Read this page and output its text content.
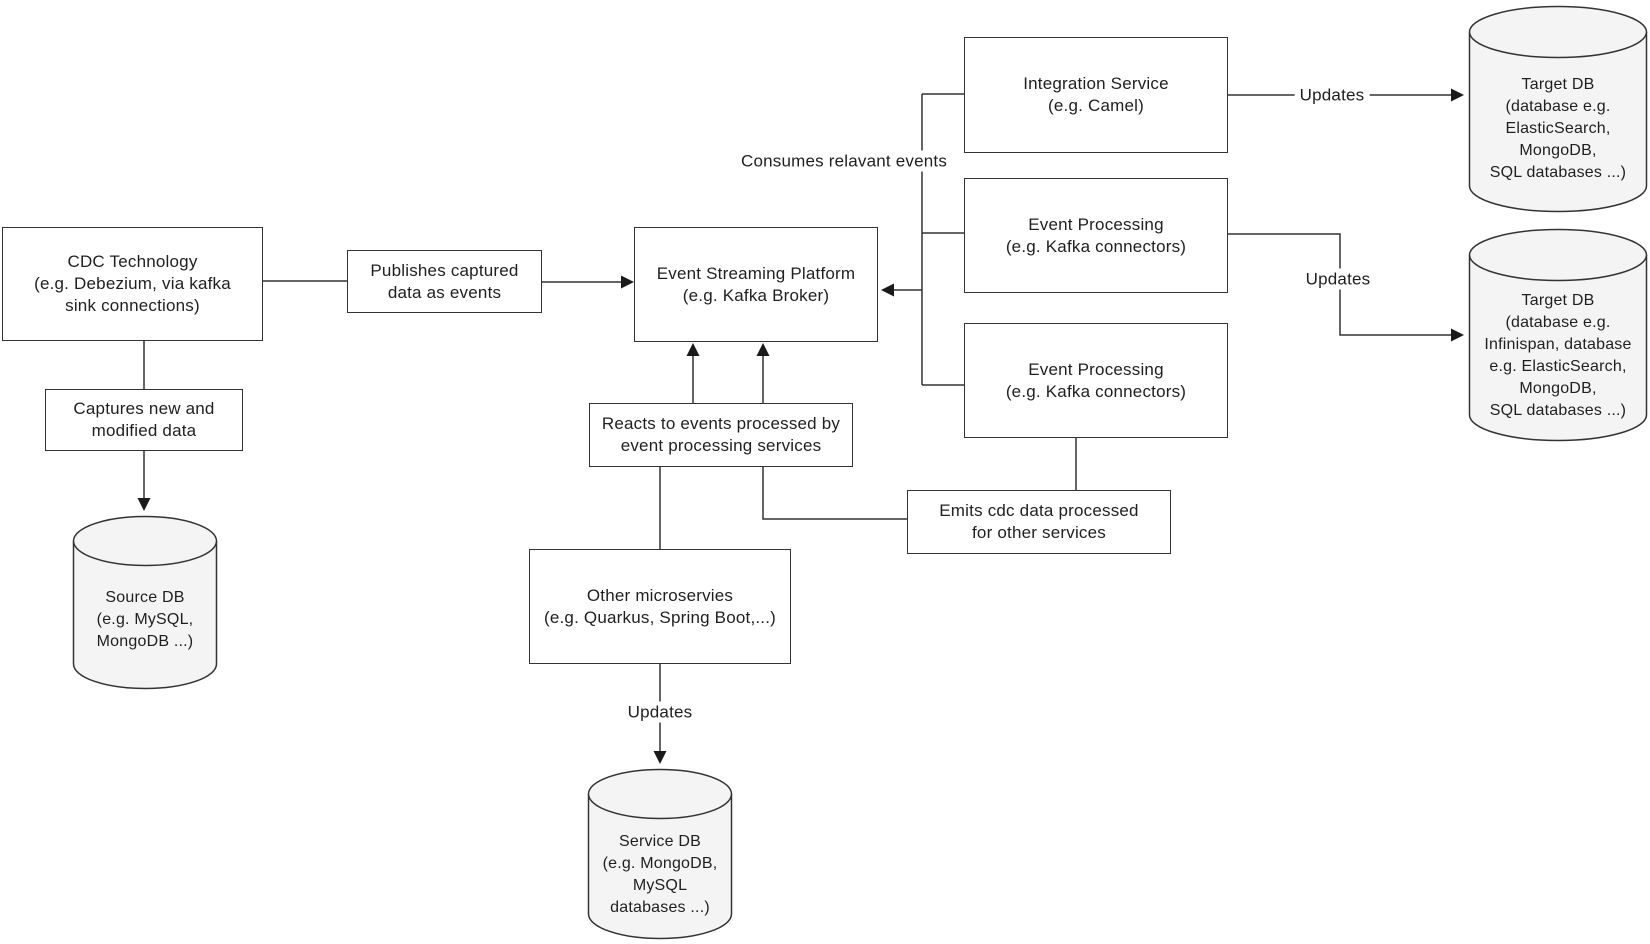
CDC Technology
(e.g. Debezium, via kafka
sink connections)
Publishes captured
data as events
Event Streaming Platform
(e.g. Kafka Broker)
Integration Service
(e.g. Camel)
Event Processing
(e.g. Kafka connectors)
Event Processing
(e.g. Kafka connectors)
Captures new and
modified data	Reacts to events processed by
event processing services
Emits cdc data processed
for other services
Other microservies
(e.g. Quarkus, Spring Boot,...)
Source DB
(e.g. MySQL,
MongoDB ...)
Service DB
(e.g. MongoDB,
MySQL
databases ...)
Target DB
(database e.g.
ElasticSearch,
MongoDB,
SQL databases ...)
Target DB
(database e.g.
Infinispan, database
e.g. ElasticSearch,
MongoDB,
SQL databases ...)
Consumes relavant events
Updates
Updates
Updates
